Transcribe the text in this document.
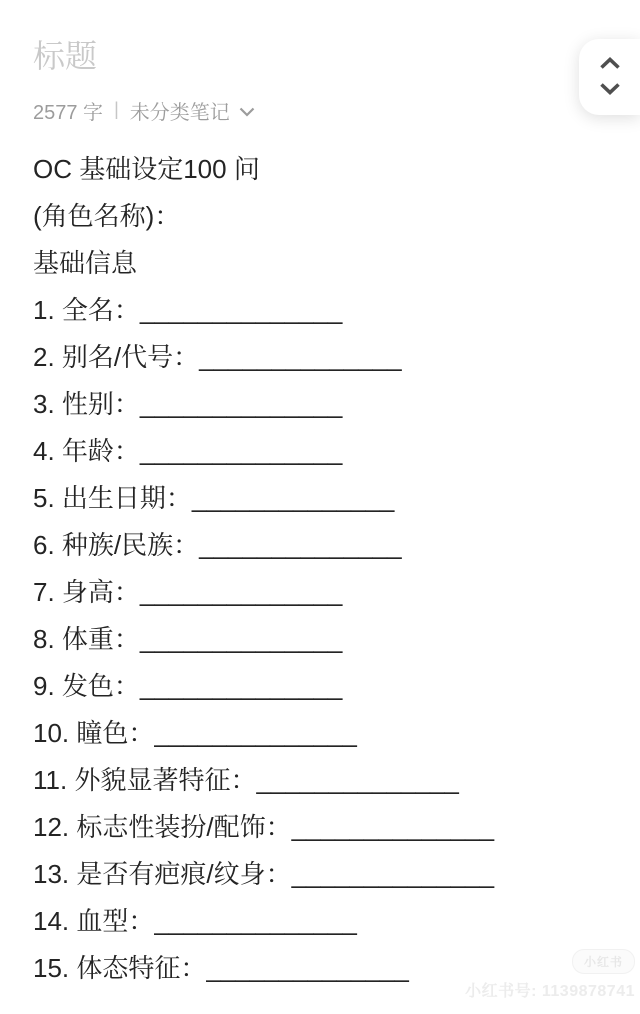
标题
2577 字 | 未分类笔记
OC 基础设定100 问
(角色名称)：
基础信息
1. 全名：______________
2. 别名/代号：______________
3. 性别：______________
4. 年龄：______________
5. 出生日期：______________
6. 种族/民族：______________
7. 身高：______________
8. 体重：______________
9. 发色：______________
10. 瞳色：______________
11. 外貌显著特征：______________
12. 标志性装扮/配饰：______________
13. 是否有疤痕/纹身：______________
14. 血型：______________
15. 体态特征：______________	小红书
小红书号: 1139878741
